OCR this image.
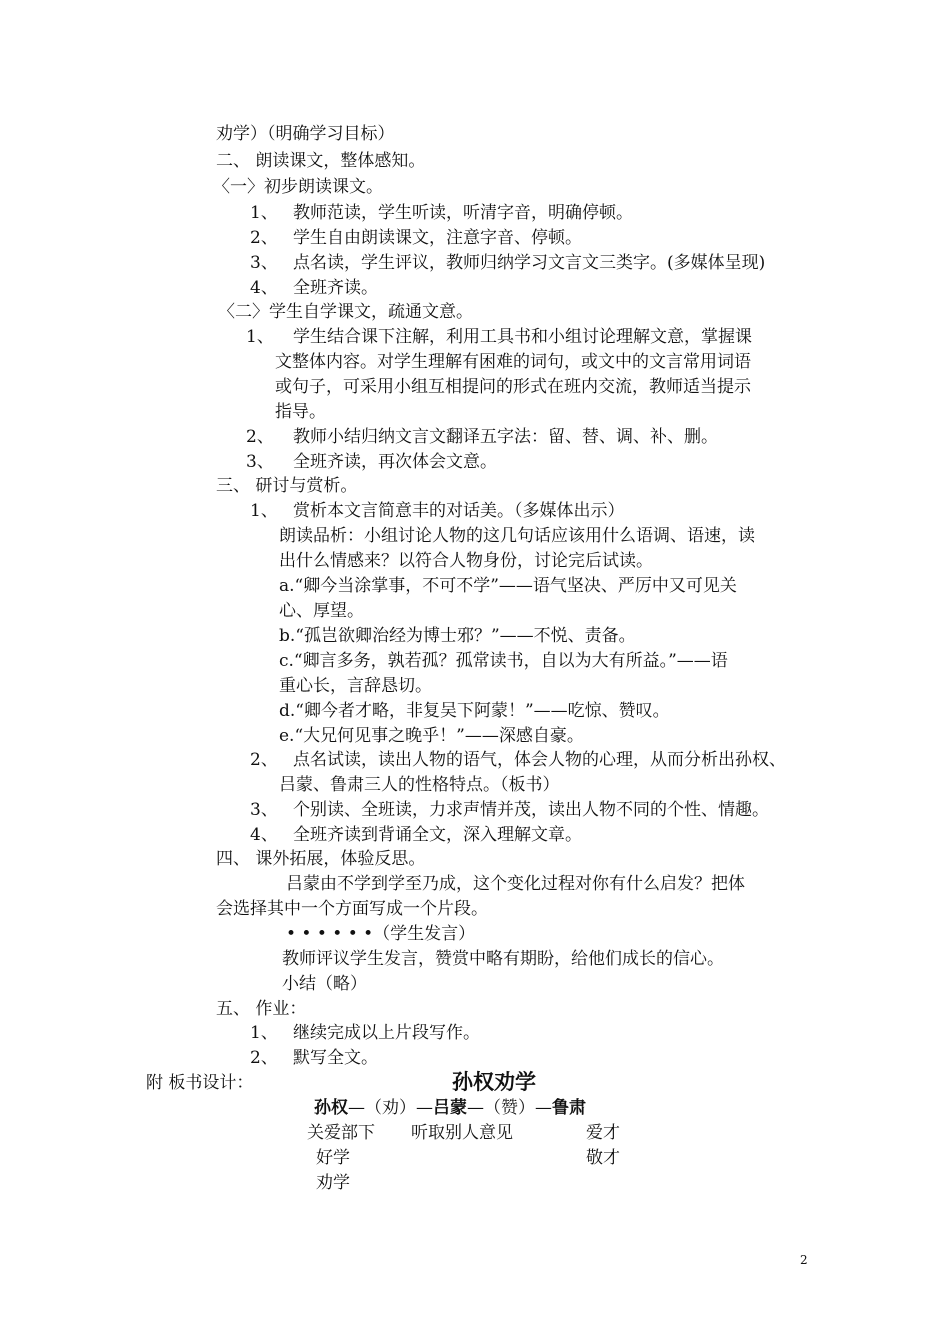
劝学）（明确学习目标）
二、 朗读课文，整体感知。
〈一〉初步朗读课文。
1、 教师范读，学生听读，听清字音，明确停顿。
2、 学生自由朗读课文，注意字音、停顿。
3、 点名读，学生评议，教师归纳学习文言文三类字。(多媒体呈现)
4、 全班齐读。
〈二〉学生自学课文，疏通文意。
1、 学生结合课下注解，利用工具书和小组讨论理解文意，掌握课
文整体内容。对学生理解有困难的词句，或文中的文言常用词语
或句子，可采用小组互相提问的形式在班内交流，教师适当提示
指导。
2、 教师小结归纳文言文翻译五字法：留、替、调、补、删。
3、 全班齐读，再次体会文意。
三、 研讨与赏析。
1、 赏析本文言简意丰的对话美。（多媒体出示）
朗读品析：小组讨论人物的这几句话应该用什么语调、语速，读
出什么情感来？以符合人物身份，讨论完后试读。
a.“卿今当涂掌事，不可不学”——语气坚决、严厉中又可见关
心、厚望。
b.“孤岂欲卿治经为博士邪？”——不悦、责备。
c.“卿言多务，孰若孤？孤常读书，自以为大有所益。”——语
重心长，言辞恳切。
d.“卿今者才略，非复吴下阿蒙！”——吃惊、赞叹。
e.“大兄何见事之晚乎！”——深感自豪。
2、 点名试读，读出人物的语气，体会人物的心理，从而分析出孙权、
吕蒙、鲁肃三人的性格特点。（板书）
3、 个别读、全班读，力求声情并茂，读出人物不同的个性、情趣。
4、 全班齐读到背诵全文，深入理解文章。
四、 课外拓展，体验反思。
吕蒙由不学到学至乃成，这个变化过程对你有什么启发？把体
会选择其中一个方面写成一个片段。
• • • • • •（学生发言）
教师评议学生发言，赞赏中略有期盼，给他们成长的信心。
小结（略）
五、 作业：
1、 继续完成以上片段写作。
2、 默写全文。
附 板书设计：	孙权劝学
孙权—（劝）—吕蒙—（赞）—鲁肃
关爱部下 听取别人意见	爱才
好学	敬才
劝学
2
